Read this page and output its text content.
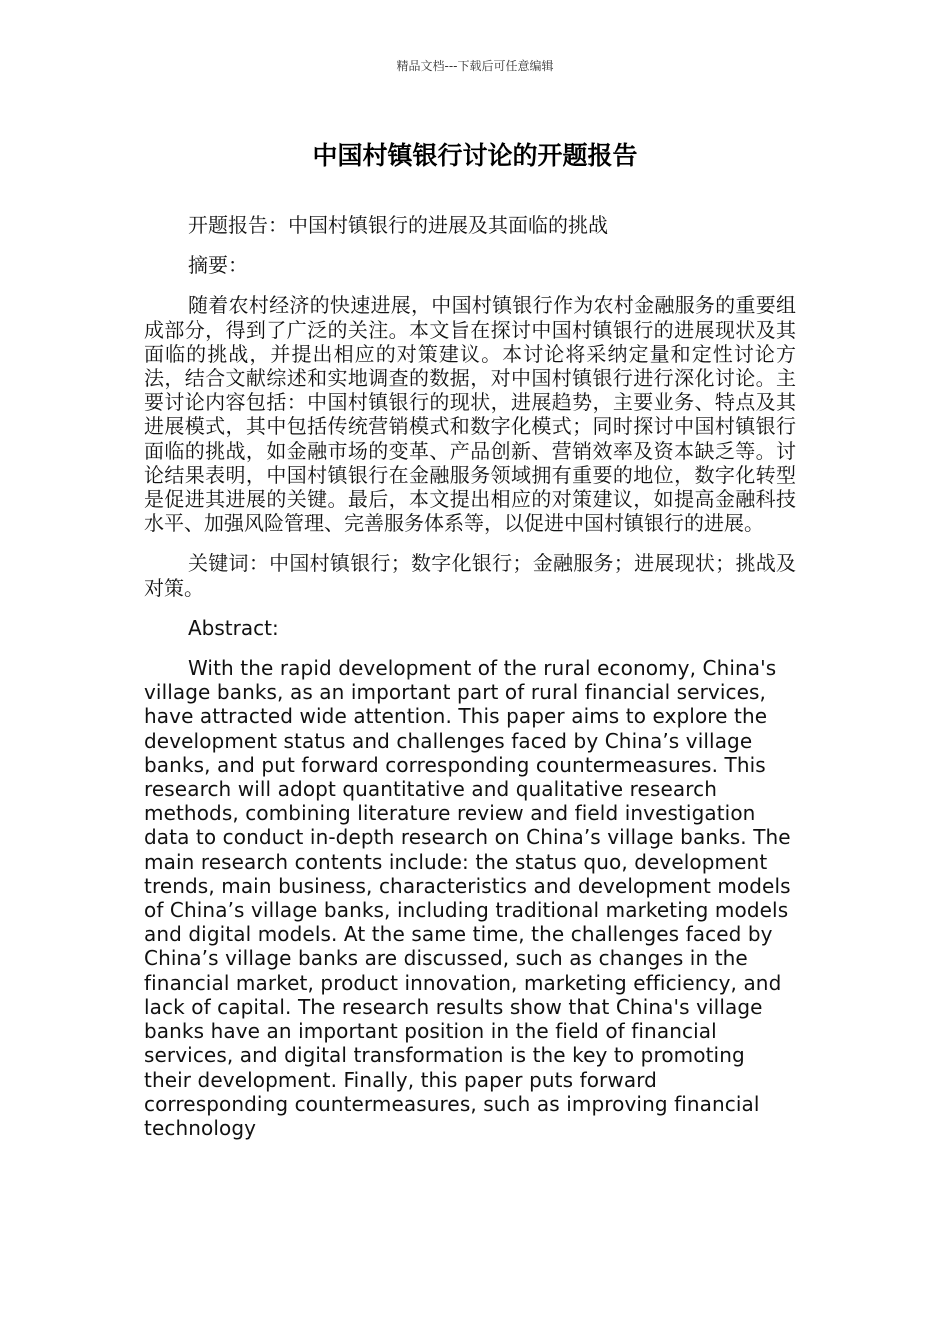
精品文档---下载后可任意编辑
中国村镇银行讨论的开题报告

开题报告：中国村镇银行的进展及其面临的挑战

摘要：

随着农村经济的快速进展，中国村镇银行作为农村金融服务的重要组成部分，得到了广泛的关注。本文旨在探讨中国村镇银行的进展现状及其面临的挑战，并提出相应的对策建议。本讨论将采纳定量和定性讨论方法，结合文献综述和实地调查的数据，对中国村镇银行进行深化讨论。主要讨论内容包括：中国村镇银行的现状，进展趋势，主要业务、特点及其进展模式，其中包括传统营销模式和数字化模式；同时探讨中国村镇银行面临的挑战，如金融市场的变革、产品创新、营销效率及资本缺乏等。讨论结果表明，中国村镇银行在金融服务领域拥有重要的地位，数字化转型是促进其进展的关键。最后，本文提出相应的对策建议，如提高金融科技水平、加强风险管理、完善服务体系等，以促进中国村镇银行的进展。

关键词：中国村镇银行；数字化银行；金融服务；进展现状；挑战及对策。

Abstract:

With the rapid development of the rural economy, China's village banks, as an important part of rural financial services, have attracted wide attention. This paper aims to explore the development status and challenges faced by China’s village banks, and put forward corresponding countermeasures. This research will adopt quantitative and qualitative research methods, combining literature review and field investigation data to conduct in-depth research on China’s village banks. The main research contents include: the status quo, development trends, main business, characteristics and development models of China’s village banks, including traditional marketing models and digital models. At the same time, the challenges faced by China’s village banks are discussed, such as changes in the financial market, product innovation, marketing efficiency, and lack of capital. The research results show that China's village banks have an important position in the field of financial services, and digital transformation is the key to promoting their development. Finally, this paper puts forward corresponding countermeasures, such as improving financial technology
